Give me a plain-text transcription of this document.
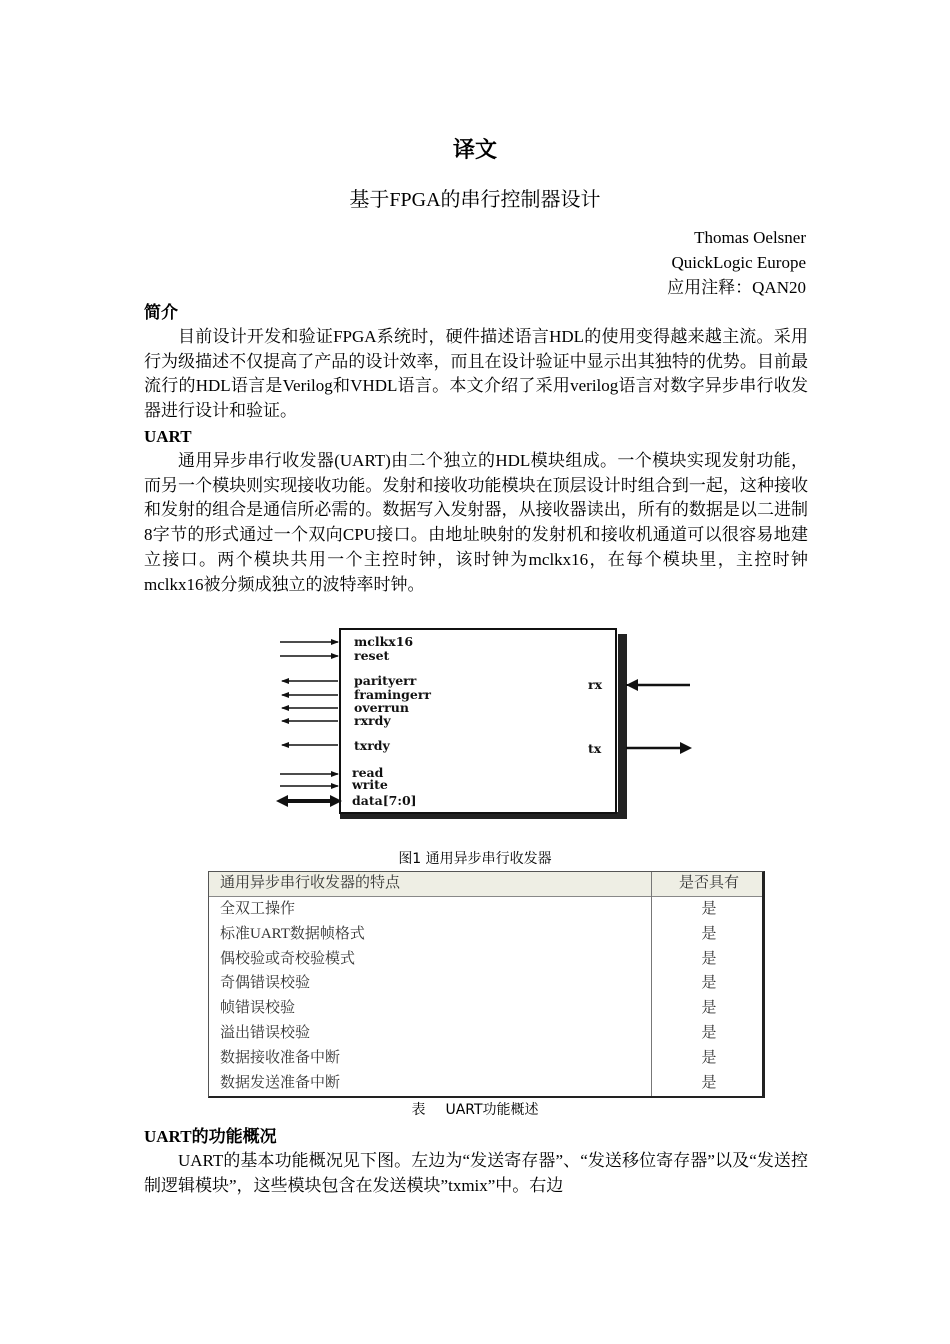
译文
基于FPGA的串行控制器设计
Thomas Oelsner
QuickLogic Europe
应用注释：QAN20
简介
目前设计开发和验证FPGA系统时，硬件描述语言HDL的使用变得越来越主流。采用行为级描述不仅提高了产品的设计效率，而且在设计验证中显示出其独特的优势。目前最流行的HDL语言是Verilog和VHDL语言。本文介绍了采用verilog语言对数字异步串行收发器进行设计和验证。
UART
通用异步串行收发器(UART)由二个独立的HDL模块组成。一个模块实现发射功能，而另一个模块则实现接收功能。发射和接收功能模块在顶层设计时组合到一起，这种接收和发射的组合是通信所必需的。数据写入发射器，从接收器读出，所有的数据是以二进制8字节的形式通过一个双向CPU接口。由地址映射的发射机和接收机通道可以很容易地建立接口。两个模块共用一个主控时钟，该时钟为mclkx16，在每个模块里，主控时钟mclkx16被分频成独立的波特率时钟。
mclkx16
reset
parityerr
framingerr
overrun
rxrdy
txrdy
read
write
data[7:0]
rx
tx
图1 通用异步串行收发器
通用异步串行收发器的特点	是否具有
全双工操作	是
标准UART数据帧格式	是
偶校验或奇校验模式	是
奇偶错误校验	是
帧错误校验	是
溢出错误校验	是
数据接收准备中断	是
数据发送准备中断	是
表 UART功能概述
UART的功能概况
UART的基本功能概况见下图。左边为“发送寄存器”、“发送移位寄存器”以及“发送控制逻辑模块”，这些模块包含在发送模块”txmix”中。右边
